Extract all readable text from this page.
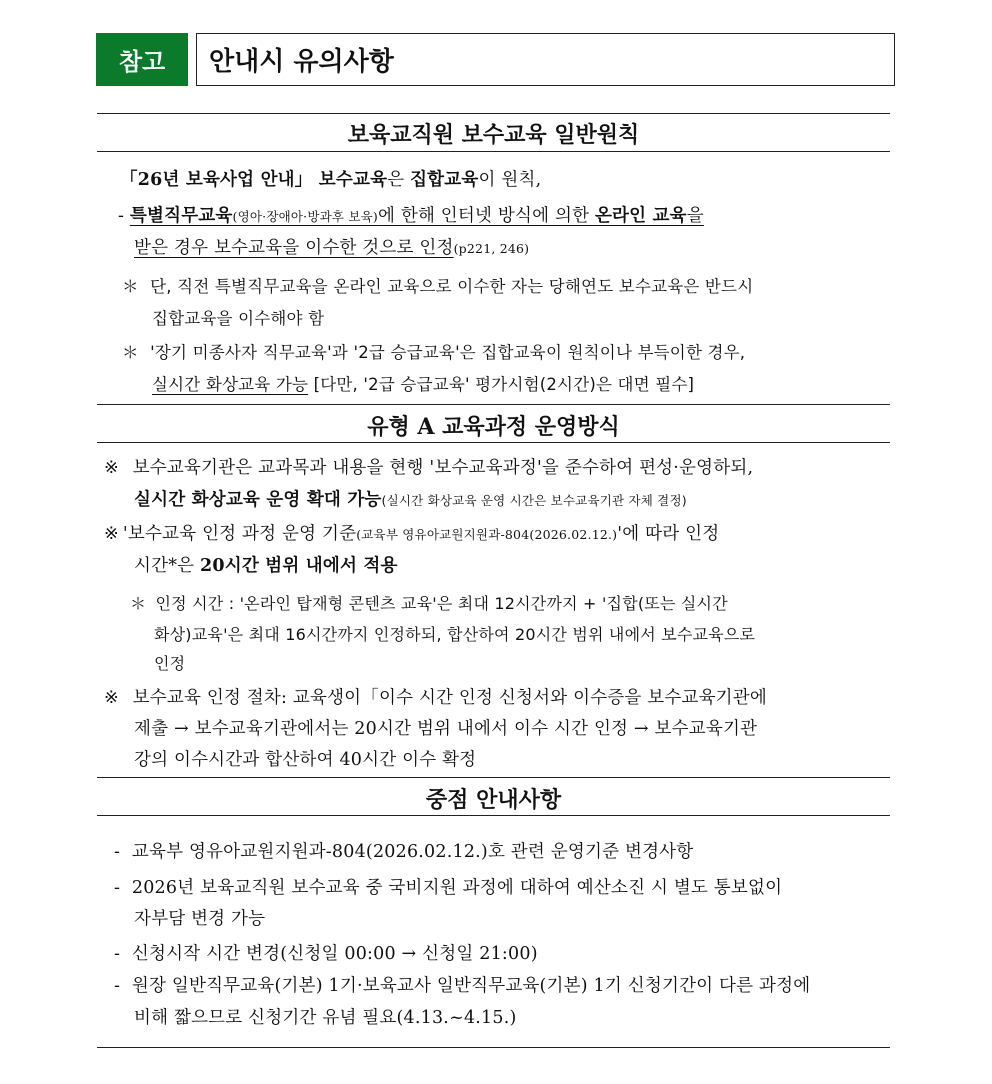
참고	안내시 유의사항
보육교직원 보수교육 일반원칙
「26년 보육사업 안내」 보수교육은 집합교육이 원칙,
- 특별직무교육(영아·장애아·방과후 보육)에 한해 인터넷 방식에 의한 온라인 교육을
받은 경우 보수교육을 이수한 것으로 인정(p221, 246)
＊ 단, 직전 특별직무교육을 온라인 교육으로 이수한 자는 당해연도 보수교육은 반드시
집합교육을 이수해야 함
＊ '장기 미종사자 직무교육'과 '2급 승급교육'은 집합교육이 원칙이나 부득이한 경우,
실시간 화상교육 가능 [다만, '2급 승급교육' 평가시험(2시간)은 대면 필수]
유형 A 교육과정 운영방식
※ 보수교육기관은 교과목과 내용을 현행 '보수교육과정'을 준수하여 편성·운영하되,
실시간 화상교육 운영 확대 가능(실시간 화상교육 운영 시간은 보수교육기관 자체 결정)
※ '보수교육 인정 과정 운영 기준(교육부 영유아교원지원과-804(2026.02.12.)'에 따라 인정
시간*은 20시간 범위 내에서 적용
＊ 인정 시간 : '온라인 탑재형 콘텐츠 교육'은 최대 12시간까지 + '집합(또는 실시간
화상)교육'은 최대 16시간까지 인정하되, 합산하여 20시간 범위 내에서 보수교육으로
인정
※ 보수교육 인정 절차: 교육생이「이수 시간 인정 신청서와 이수증을 보수교육기관에
제출 → 보수교육기관에서는 20시간 범위 내에서 이수 시간 인정 → 보수교육기관
강의 이수시간과 합산하여 40시간 이수 확정
중점 안내사항
- 교육부 영유아교원지원과-804(2026.02.12.)호 관련 운영기준 변경사항
- 2026년 보육교직원 보수교육 중 국비지원 과정에 대하여 예산소진 시 별도 통보없이
자부담 변경 가능
- 신청시작 시간 변경(신청일 00:00 → 신청일 21:00)
- 원장 일반직무교육(기본) 1기·보육교사 일반직무교육(기본) 1기 신청기간이 다른 과정에
비해 짧으므로 신청기간 유념 필요(4.13.~4.15.)
